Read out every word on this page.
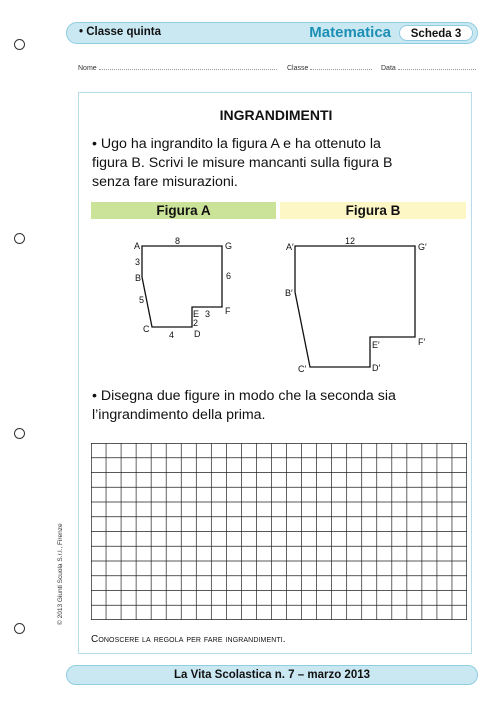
• Classe quinta	Matematica	Scheda 3
Nome	Classe	Data
INGRANDIMENTI
• Ugo ha ingrandito la figura A e ha ottenuto la
figura B. Scrivi le misure mancanti sulla figura B
senza fare misurazioni.
Figura A	Figura B
A	G
B
F
E
C	D
8
3
6
5
3
2
4
A′	G′
B′
F′
E′
C′	D′
12
• Disegna due figure in modo che la seconda sia
l’ingrandimento della prima.
Conoscere la regola per fare ingrandimenti.
© 2013 Giunti Scuola S.r.l., Firenze
La Vita Scolastica n. 7 – marzo 2013
